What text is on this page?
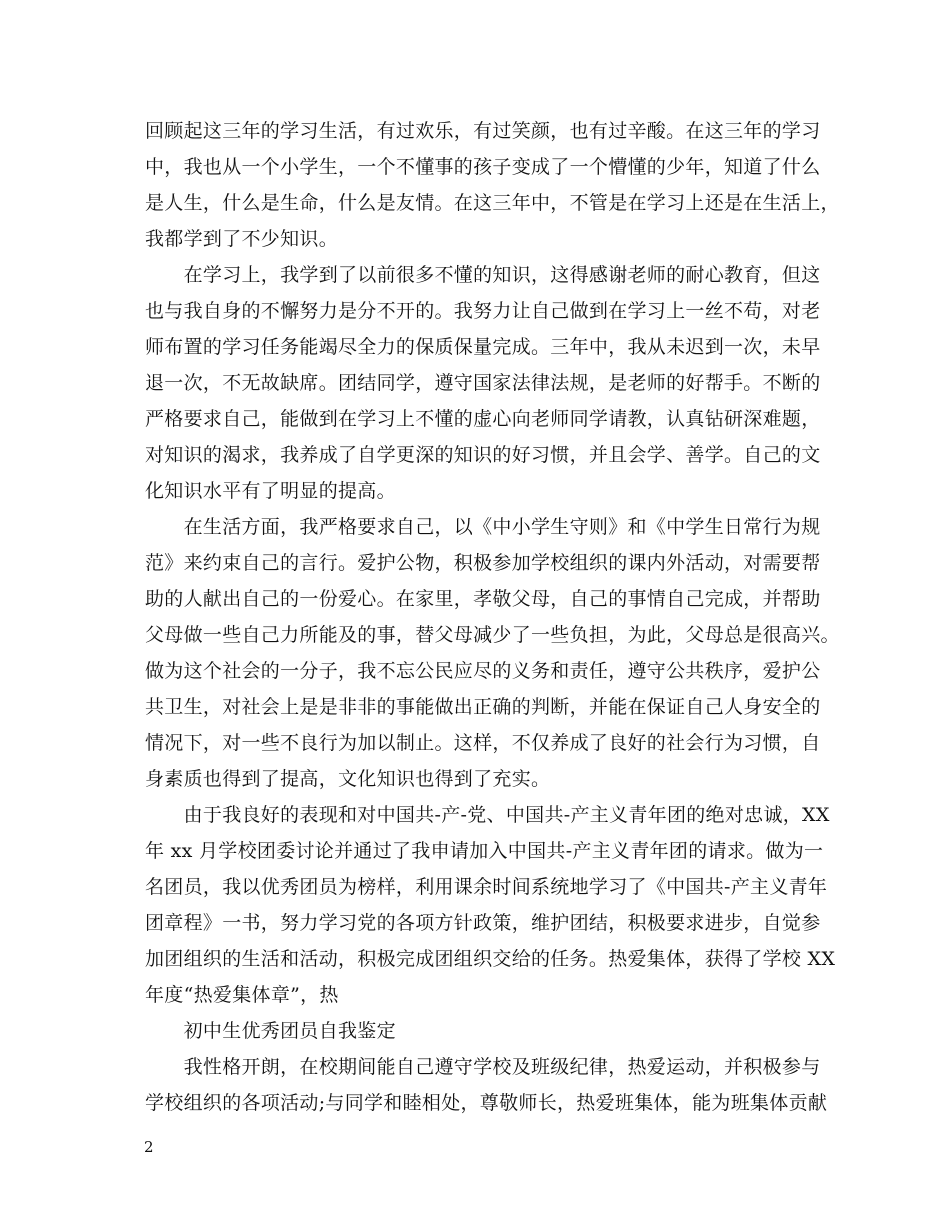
回顾起这三年的学习生活，有过欢乐，有过笑颜，也有过辛酸。在这三年的学习
中，我也从一个小学生，一个不懂事的孩子变成了一个懵懂的少年，知道了什么
是人生，什么是生命，什么是友情。在这三年中，不管是在学习上还是在生活上，
我都学到了不少知识。
　　在学习上，我学到了以前很多不懂的知识，这得感谢老师的耐心教育，但这
也与我自身的不懈努力是分不开的。我努力让自己做到在学习上一丝不苟，对老
师布置的学习任务能竭尽全力的保质保量完成。三年中，我从未迟到一次，未早
退一次，不无故缺席。团结同学，遵守国家法律法规，是老师的好帮手。不断的
严格要求自己，能做到在学习上不懂的虚心向老师同学请教，认真钻研深难题，
对知识的渴求，我养成了自学更深的知识的好习惯，并且会学、善学。自己的文
化知识水平有了明显的提高。
　　在生活方面，我严格要求自己，以《中小学生守则》和《中学生日常行为规
范》来约束自己的言行。爱护公物，积极参加学校组织的课内外活动，对需要帮
助的人献出自己的一份爱心。在家里，孝敬父母，自己的事情自己完成，并帮助
父母做一些自己力所能及的事，替父母减少了一些负担，为此，父母总是很高兴。
做为这个社会的一分子，我不忘公民应尽的义务和责任，遵守公共秩序，爱护公
共卫生，对社会上是是非非的事能做出正确的判断，并能在保证自己人身安全的
情况下，对一些不良行为加以制止。这样，不仅养成了良好的社会行为习惯，自
身素质也得到了提高，文化知识也得到了充实。
　　由于我良好的表现和对中国共-产-党、中国共-产主义青年团的绝对忠诚，XX
年 xx 月学校团委讨论并通过了我申请加入中国共-产主义青年团的请求。做为一
名团员，我以优秀团员为榜样，利用课余时间系统地学习了《中国共-产主义青年
团章程》一书，努力学习党的各项方针政策，维护团结，积极要求进步，自觉参
加团组织的生活和活动，积极完成团组织交给的任务。热爱集体，获得了学校 XX
年度“热爱集体章”，热
　　初中生优秀团员自我鉴定
　　我性格开朗，在校期间能自己遵守学校及班级纪律，热爱运动，并积极参与
学校组织的各项活动;与同学和睦相处，尊敬师长，热爱班集体，能为班集体贡献
2
